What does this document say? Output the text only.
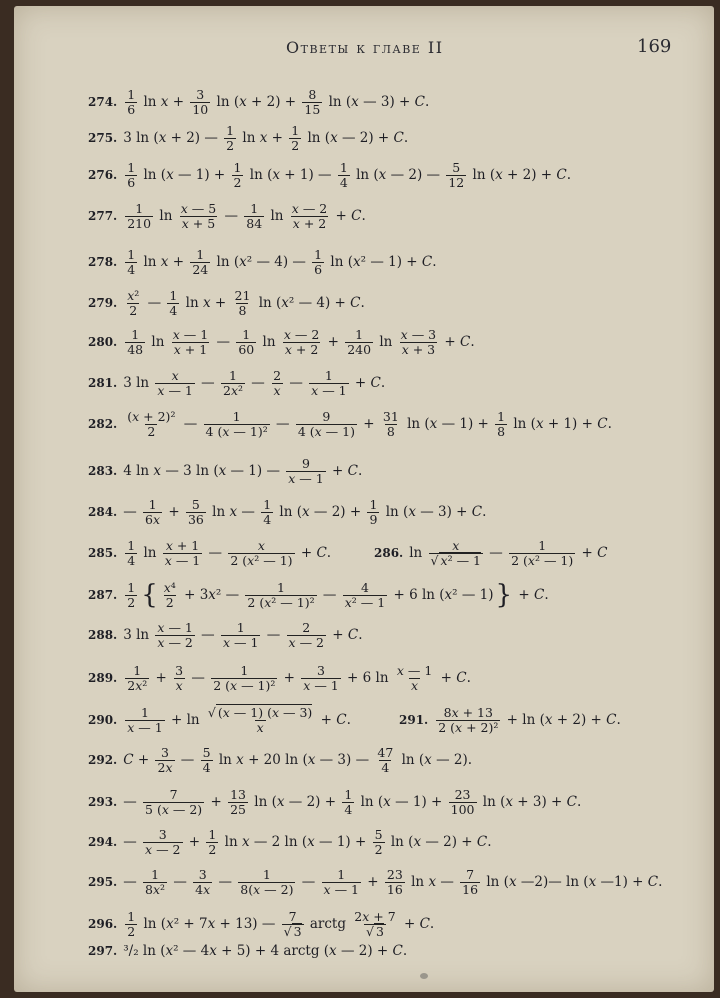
Ответы к главе II	169
274. 1
6 $\ln x + \frac{3}{10}$ $\ln (x + 2) + \frac{8}{15}$ ln (x — 3) + C.
275. 3 ln (x + 2) — 1
2 $\ln x + \frac{1}{2}$ ln (x — 2) + C.
276. 1
6 ln (x — $1) + \frac{1}{2}$ ln (x + 1) — 1
4 ln (x — 2) — 5
12 ln (x + 2) + C.
277. 1
210 ln x — 5
x + 5 — 1
84 ln x — 2
x + 2 + C.
278. 1
4 $\ln x + \frac{1}{24}$ ln (x² — 4) — 1
6 ln (x² — 1) + C.
279. x²
2 — 1
4 $\ln x + \frac{21}{8}$ ln (x² — 4) + C.
280. 1
48 ln x — 1
x + 1 — 1
60 ln x — 2
$x + 2 + \frac{1}{240}$ ln x — 3
x + 3 + C.
281. 3 ln x
x — 1 — 1
2x² — 2
x — 1
x — 1 + C.
282. (x + 2)²
2 — 1
4 (x — 1)² — 9
4 (x — $1) + \frac{31}{8}$ ln (x — $1) + \frac{1}{8}$ ln (x + 1) + C.
283. 4 ln x — 3 ln (x — 1) — 9
x — 1 + C.
284. — 1
$6x + \frac{5}{36}$ ln x — 1
4 ln (x — $2) + \frac{1}{9}$ ln (x — 3) + C.
285. 1
4 ln x + 1
x — 1 —	x
2 (x² — 1) + C.	286. ln x
√ x² — 1 — 1
2 (x² — 1) + C
287. 1
2 { x⁴
2 + 3x² —	1
2 (x² — 1)² — 4
x² — 1 + 6 ln (x² — 1) } + C.
288. 3 ln x — 1
x — 2 — 1
x — 1 — 2
x — 2 + C.
289. 1
$2x^2 + \frac{3}{x}$ — 1
2 (x — $1)^2 + \frac{3}{x — 1} + 6$ ln x — 1
x + C.
290. 1
x — 1 + ln √ (x — 1) (x — 3)
x	+ C.	291. 8x + 13
2 (x + 2)² + ln (x + 2) + C.
292. $C + \frac{3}{2x}$ — 5
4 ln x + 20 ln (x — 3) — 47
4 ln (x — 2).
293. — 7
5 (x — $2) + \frac{13}{25}$ ln (x — $2) + \frac{1}{4}$ ln (x — $1) + \frac{23}{100}$ ln (x + 3) + C.
294. — 3
x — $2 + \frac{1}{2}$ ln x — 2 ln (x — $1) + \frac{5}{2}$ ln (x — 2) + C.
295. — 1
8x² — 3
4x — 1
8(x — 2) — 1
x — $1 + \frac{23}{16}$ ln x — 7
16 ln (x —2)— ln (x —1) + C.
296. 1
2 ln (x² + 7x + 13) — 7
√ 3 arctg 2x + 7
√ 3 + C.
297. ³/₂ ln (x² — 4x + 5) + 4 arctg (x — 2) + C.
